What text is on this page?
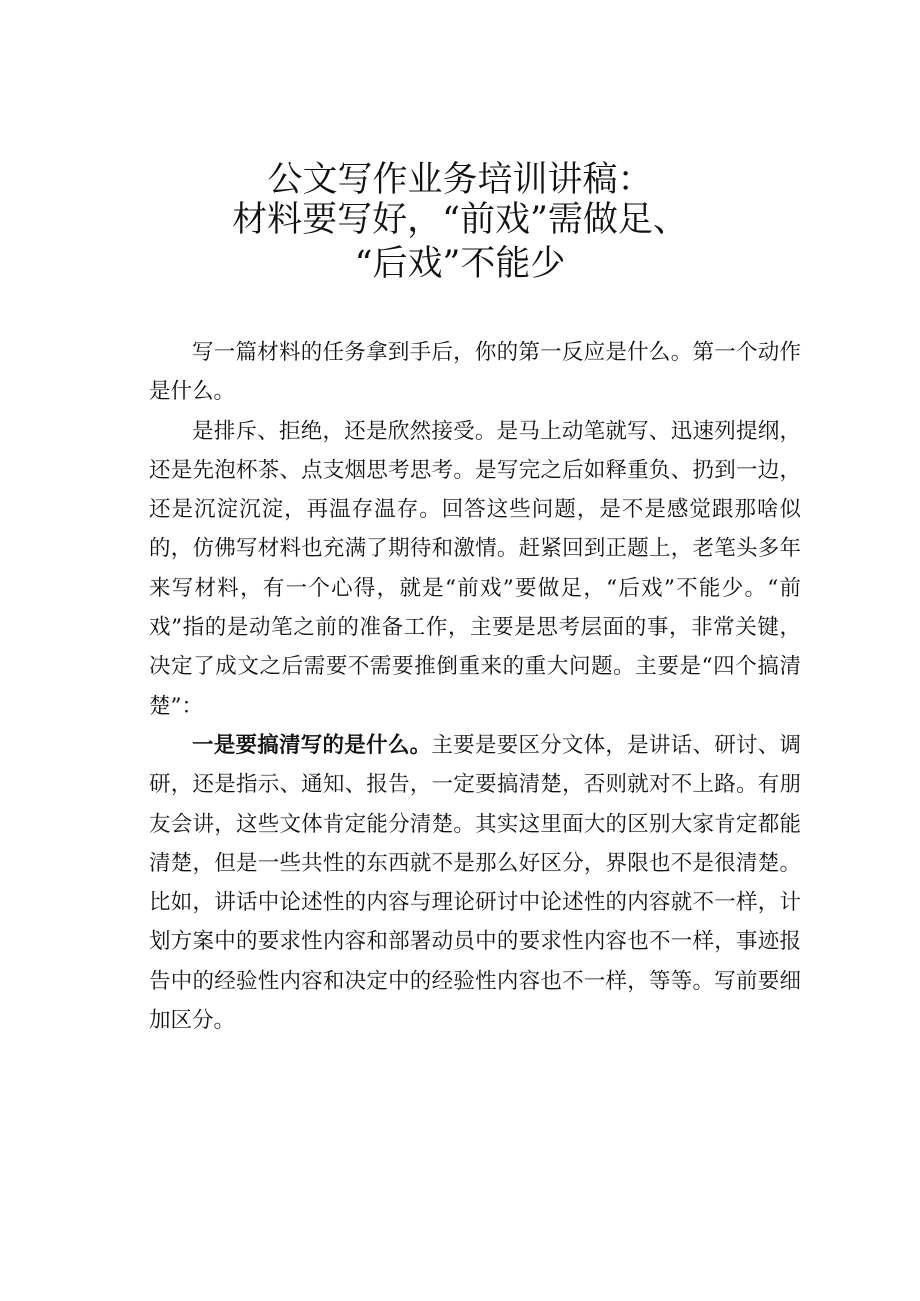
公文写作业务培训讲稿：
材料要写好，“前戏”需做足、
“后戏”不能少

写一篇材料的任务拿到手后，你的第一反应是什么。第一个动作是什么。

是排斥、拒绝，还是欣然接受。是马上动笔就写、迅速列提纲，还是先泡杯茶、点支烟思考思考。是写完之后如释重负、扔到一边，还是沉淀沉淀，再温存温存。回答这些问题，是不是感觉跟那啥似的，仿佛写材料也充满了期待和激情。赶紧回到正题上，老笔头多年来写材料，有一个心得，就是“前戏”要做足，“后戏”不能少。“前戏”指的是动笔之前的准备工作，主要是思考层面的事，非常关键，决定了成文之后需要不需要推倒重来的重大问题。主要是“四个搞清楚”：

一是要搞清写的是什么。主要是要区分文体，是讲话、研讨、调研，还是指示、通知、报告，一定要搞清楚，否则就对不上路。有朋友会讲，这些文体肯定能分清楚。其实这里面大的区别大家肯定都能清楚，但是一些共性的东西就不是那么好区分，界限也不是很清楚。比如，讲话中论述性的内容与理论研讨中论述性的内容就不一样，计划方案中的要求性内容和部署动员中的要求性内容也不一样，事迹报告中的经验性内容和决定中的经验性内容也不一样，等等。写前要细加区分。
